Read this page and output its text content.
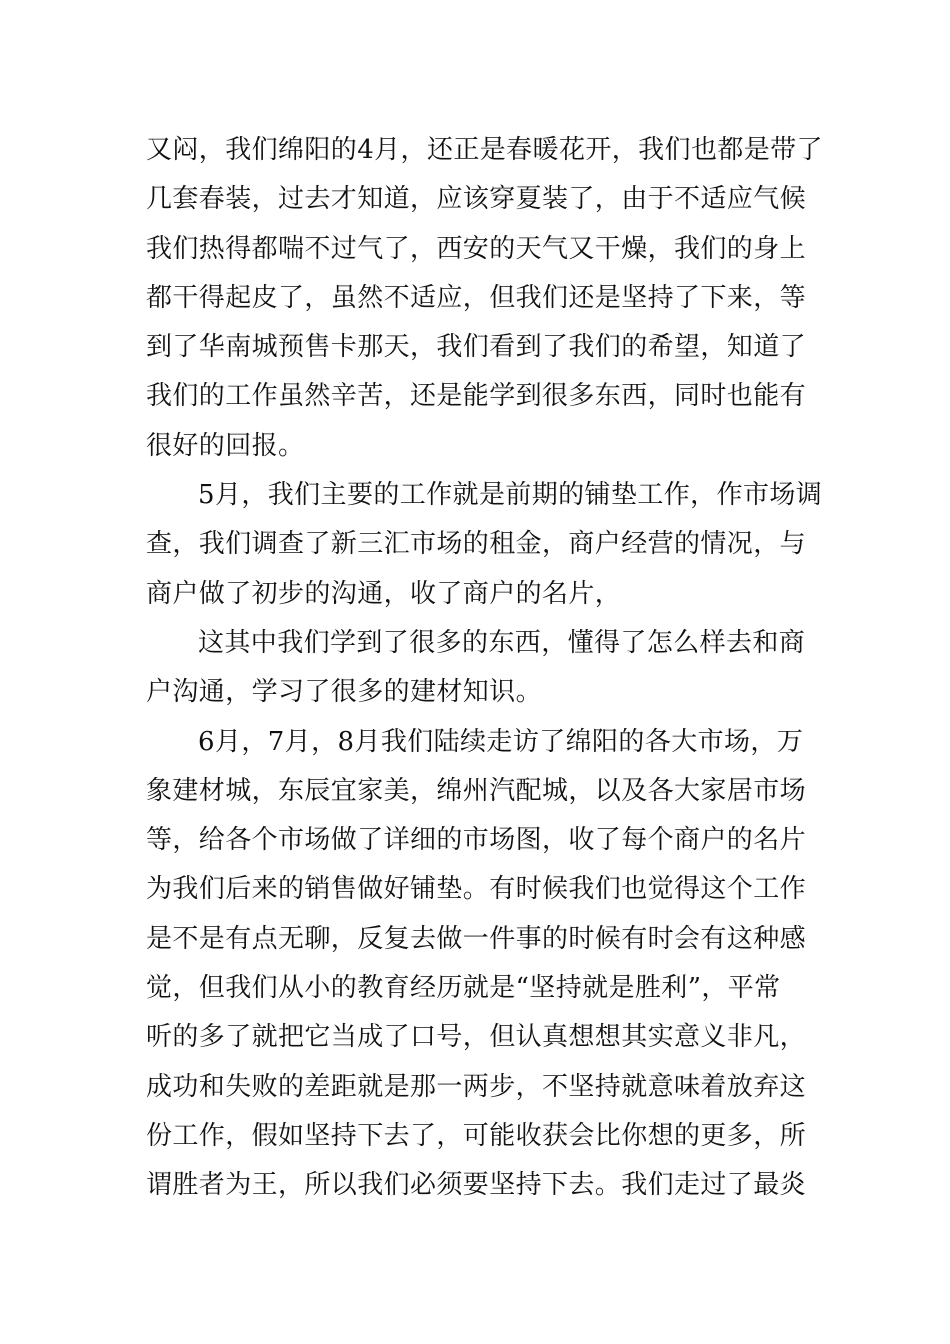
又闷，我们绵阳的4月，还正是春暖花开，我们也都是带了
几套春装，过去才知道，应该穿夏装了，由于不适应气候
我们热得都喘不过气了，西安的天气又干燥，我们的身上
都干得起皮了，虽然不适应，但我们还是坚持了下来，等
到了华南城预售卡那天，我们看到了我们的希望，知道了
我们的工作虽然辛苦，还是能学到很多东西，同时也能有
很好的回报。
5月，我们主要的工作就是前期的铺垫工作，作市场调
查，我们调查了新三汇市场的租金，商户经营的情况，与
商户做了初步的沟通，收了商户的名片，
这其中我们学到了很多的东西，懂得了怎么样去和商
户沟通，学习了很多的建材知识。
6月，7月，8月我们陆续走访了绵阳的各大市场，万
象建材城，东辰宜家美，绵州汽配城，以及各大家居市场
等，给各个市场做了详细的市场图，收了每个商户的名片
为我们后来的销售做好铺垫。有时候我们也觉得这个工作
是不是有点无聊，反复去做一件事的时候有时会有这种感
觉，但我们从小的教育经历就是“坚持就是胜利”，平常
听的多了就把它当成了口号，但认真想想其实意义非凡，
成功和失败的差距就是那一两步，不坚持就意味着放弃这
份工作，假如坚持下去了，可能收获会比你想的更多，所
谓胜者为王，所以我们必须要坚持下去。我们走过了最炎
